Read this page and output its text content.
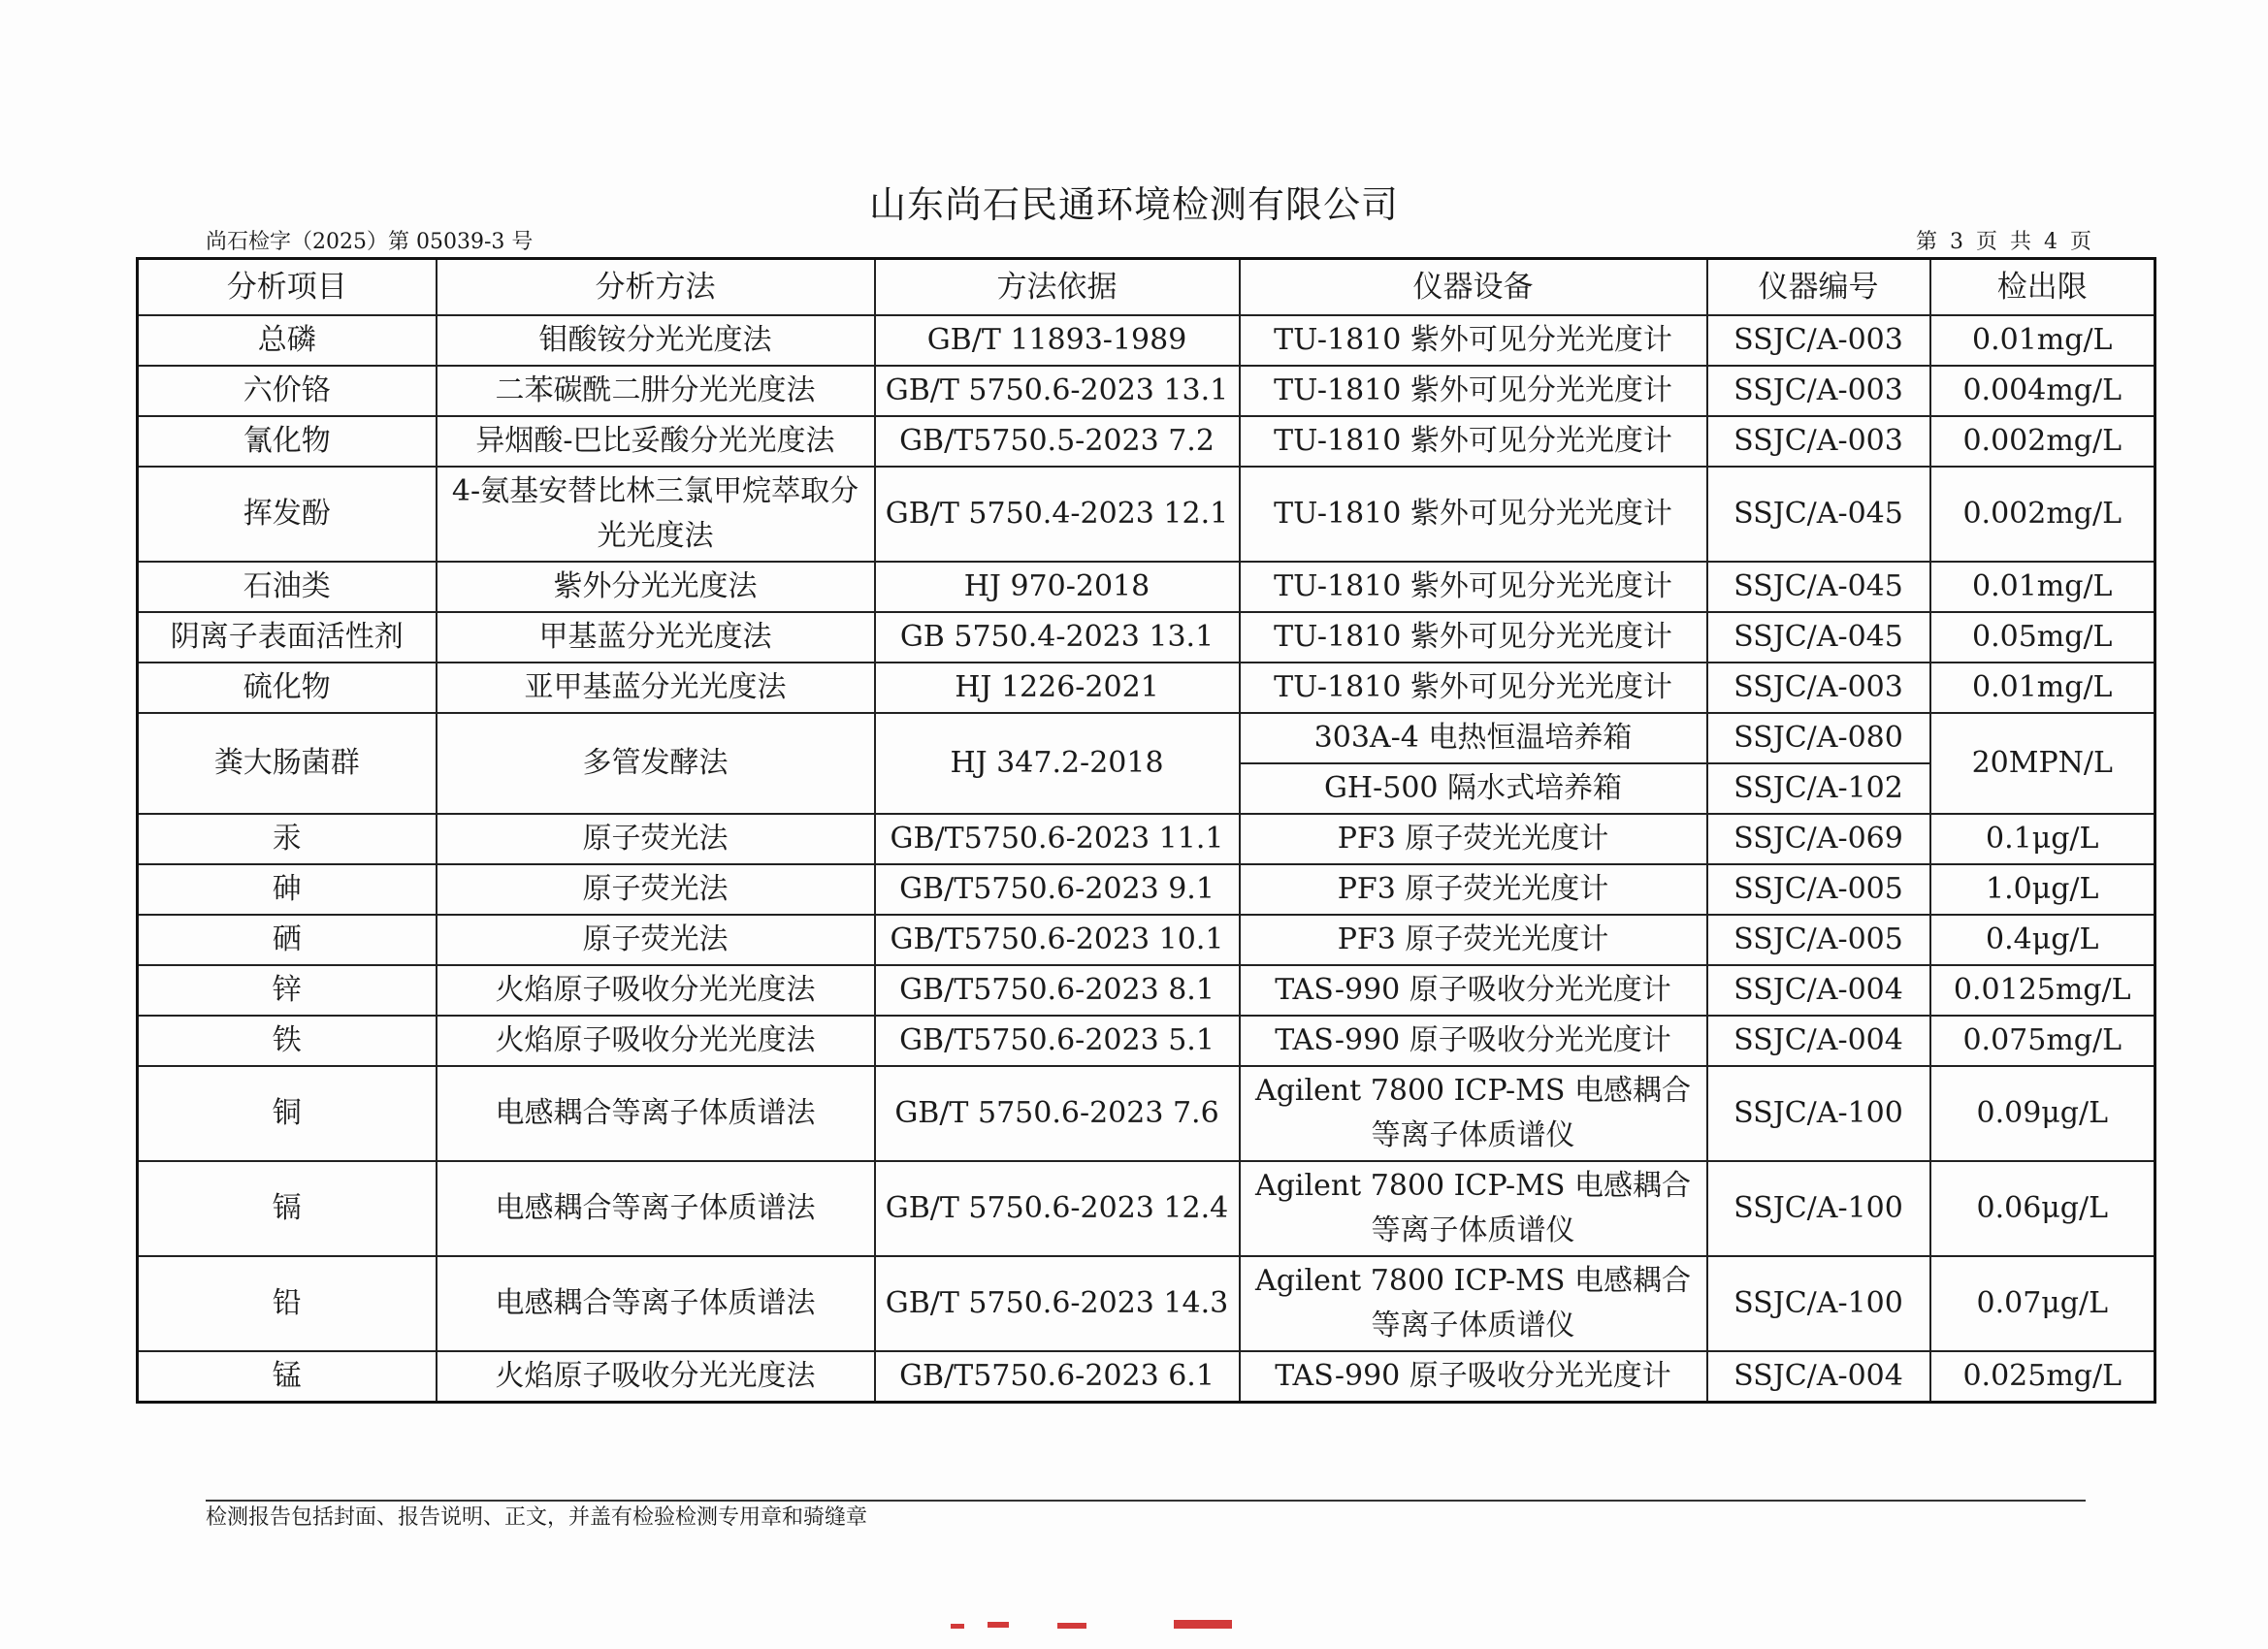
山东尚石民通环境检测有限公司
尚石检字（2025）第 05039-3 号	第 3 页 共 4 页
分析项目	分析方法	方法依据	仪器设备	仪器编号	检出限
总磷	钼酸铵分光光度法	GB/T 11893-1989	TU-1810 紫外可见分光光度计	SSJC/A-003	0.01mg/L
六价铬	二苯碳酰二肼分光光度法	GB/T 5750.6-2023 13.1	TU-1810 紫外可见分光光度计	SSJC/A-003	0.004mg/L
氰化物	异烟酸-巴比妥酸分光光度法	GB/T5750.5-2023 7.2	TU-1810 紫外可见分光光度计	SSJC/A-003	0.002mg/L
挥发酚	4-氨基安替比林三氯甲烷萃取分光光度法	GB/T 5750.4-2023 12.1	TU-1810 紫外可见分光光度计	SSJC/A-045	0.002mg/L
石油类	紫外分光光度法	HJ 970-2018	TU-1810 紫外可见分光光度计	SSJC/A-045	0.01mg/L
阴离子表面活性剂	甲基蓝分光光度法	GB 5750.4-2023 13.1	TU-1810 紫外可见分光光度计	SSJC/A-045	0.05mg/L
硫化物	亚甲基蓝分光光度法	HJ 1226-2021	TU-1810 紫外可见分光光度计	SSJC/A-003	0.01mg/L
粪大肠菌群	多管发酵法	HJ 347.2-2018	303A-4 电热恒温培养箱	SSJC/A-080	20MPN/L
			GH-500 隔水式培养箱	SSJC/A-102	
汞	原子荧光法	GB/T5750.6-2023 11.1	PF3 原子荧光光度计	SSJC/A-069	0.1μg/L
砷	原子荧光法	GB/T5750.6-2023 9.1	PF3 原子荧光光度计	SSJC/A-005	1.0μg/L
硒	原子荧光法	GB/T5750.6-2023 10.1	PF3 原子荧光光度计	SSJC/A-005	0.4μg/L
锌	火焰原子吸收分光光度法	GB/T5750.6-2023 8.1	TAS-990 原子吸收分光光度计	SSJC/A-004	0.0125mg/L
铁	火焰原子吸收分光光度法	GB/T5750.6-2023 5.1	TAS-990 原子吸收分光光度计	SSJC/A-004	0.075mg/L
铜	电感耦合等离子体质谱法	GB/T 5750.6-2023 7.6	Agilent 7800 ICP-MS 电感耦合等离子体质谱仪	SSJC/A-100	0.09μg/L
镉	电感耦合等离子体质谱法	GB/T 5750.6-2023 12.4	Agilent 7800 ICP-MS 电感耦合等离子体质谱仪	SSJC/A-100	0.06μg/L
铅	电感耦合等离子体质谱法	GB/T 5750.6-2023 14.3	Agilent 7800 ICP-MS 电感耦合等离子体质谱仪	SSJC/A-100	0.07μg/L
锰	火焰原子吸收分光光度法	GB/T5750.6-2023 6.1	TAS-990 原子吸收分光光度计	SSJC/A-004	0.025mg/L
检测报告包括封面、报告说明、正文，并盖有检验检测专用章和骑缝章
